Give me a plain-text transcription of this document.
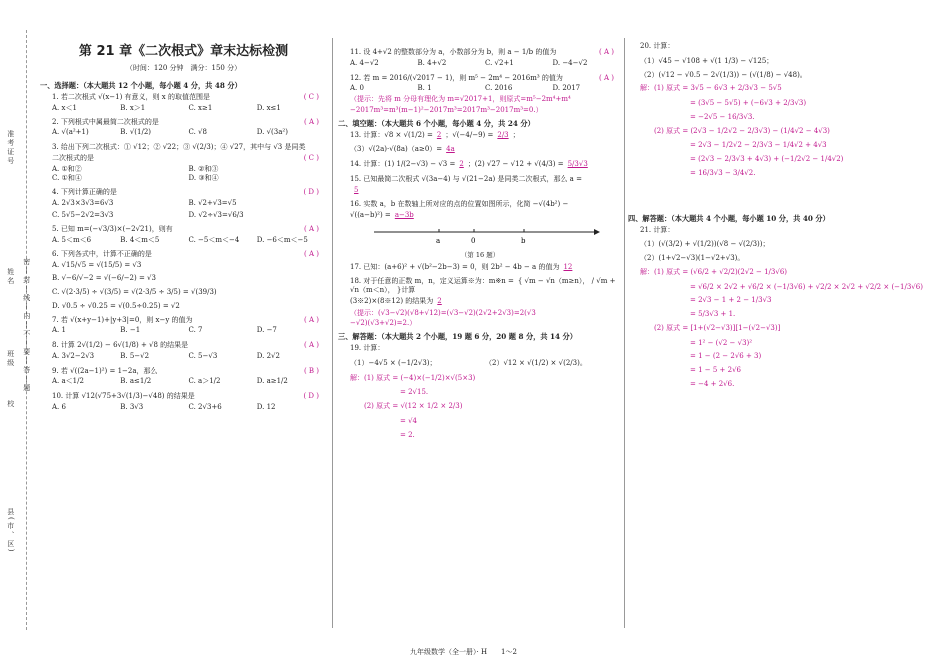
准考证号
姓名
班级
校
县(市、区)
密—封—线—内—不—要—答—题
第 21 章《二次根式》章末达标检测
（时间：120 分钟　满分：150 分）
一、选择题：（本大题共 12 个小题，每小题 4 分，共 48 分）
1. 若二次根式 √(x−1) 有意义，则 x 的取值范围是	( C )
A. x＜1	B. x＞1	C. x≥1	D. x≤1
2. 下列根式中属最简二次根式的是	( A )
A. √(a²+1)	B. √(1/2)	C. √8	D. √(3a²)
3. 给出下列二次根式：① √12；② √22；③ √(2/3)；④ √27，其中与 √3 是同类
二次根式的是	( C )
A. ①和②	B. ②和③
C. ①和④	D. ③和④
4. 下列计算正确的是	( D )
A. 2√3×3√3=6√3	B. √2+√3=√5
C. 5√5−2√2=3√3	D. √2÷√3=√6/3
5. 已知 m=(−√3/3)×(−2√21)，则有	( A )
A. 5＜m＜6	B. 4＜m＜5	C. −5＜m＜−4	D. −6＜m＜−5
6. 下列各式中，计算不正确的是	( A )
A. √15/√5 = √(15/5) = √3
B. √−6/√−2 = √(−6/−2) = √3
C. √(2·3/5) ÷ √(3/5) = √(2·3/5 ÷ 3/5) = √(39/3)
D. √0.5 ÷ √0.25 = √(0.5÷0.25) = √2
7. 若 √(x+y−1)+|y+3|=0，则 x−y 的值为	( A )
A. 1	B. −1	C. 7	D. −7
8. 计算 2√(1/2) − 6√(1/8) + √8 的结果是	( A )
A. 3√2−2√3	B. 5−√2	C. 5−√3	D. 2√2
9. 若 √((2a−1)²) = 1−2a，那么	( B )
A. a＜1/2	B. a≤1/2	C. a＞1/2	D. a≥1/2
10. 计算 √12(√75+3√(1/3)−√48) 的结果是	( D )
A. 6	B. 3√3	C. 2√3+6	D. 12
11. 设 4+√2 的整数部分为 a，小数部分为 b，则 a − 1/b 的值为	( A )
A. 4−√2	B. 4+√2	C. √2+1	D. −4−√2
12. 若 m = 2016/(√2017 − 1)，则 m⁵ − 2m⁴ − 2016m³ 的值为	( A )
A. 0	B. 1	C. 2016	D. 2017
（提示：先将 m 分母有理化为 m=√2017+1，则原式=m⁵−2m⁴+m⁴
−2017m³=m³(m−1)²−2017m³=2017m³−2017m³=0.）
二、填空题：（本大题共 6 个小题，每小题 4 分，共 24 分）
13. 计算：√8 × √(1/2) = 2 ；√(−4/−9) = 2/3 ；
（3）√(2a)·√(8a)（a≥0）= 4a
14. 计算：(1) 1/(2−√3) − √3 = 2 ；(2) √27 − √12 + √(4/3) = 5/3√3
15. 已知最简二次根式 √(3a−4) 与 √(21−2a) 是同类二次根式，那么 a =
5
16. 实数 a，b 在数轴上所对应的点的位置如图所示，化简 −√(4b²) −
√((a−b)²) = a−3b
a	0	b
（第 16 题）
17. 已知：(a+6)² + √(b²−2b−3) = 0，则 2b² − 4b − a 的值为 12
18. 对于任意的正数 m，n，定义运算※为：m※n = { √m − √n（m≥n）， / √m + √n（m＜n）， }计算
(3※2)×(8※12) 的结果为 2
（提示：(√3−√2)(√8+√12)=(√3−√2)(2√2+2√3)=2(√3
−√2)(√3+√2)=2.）
三、解答题：（本大题共 2 个小题，19 题 6 分，20 题 8 分，共 14 分）
19. 计算：
（1）−4√5 × (−1/2√3)；	（2）√12 × √(1/2) × √(2/3)。
解：(1) 原式 = (−4)×(−1/2)×√(5×3)
= 2√15.
(2) 原式 = √(12 × 1/2 × 2/3)
= √4
= 2.
20. 计算：
（1）√45 − √108 + √(1 1/3) − √125；
（2）(√12 − √0.5 − 2√(1/3)) − (√(1/8) − √48)。
解：(1) 原式 = 3√5 − 6√3 + 2/3√3 − 5√5
= (3√5 − 5√5) + (−6√3 + 2/3√3)
= −2√5 − 16/3√3.
(2) 原式 = (2√3 − 1/2√2 − 2/3√3) − (1/4√2 − 4√3)
= 2√3 − 1/2√2 − 2/3√3 − 1/4√2 + 4√3
= (2√3 − 2/3√3 + 4√3) + (−1/2√2 − 1/4√2)
= 16/3√3 − 3/4√2.
四、解答题：（本大题共 4 个小题，每小题 10 分，共 40 分）
21. 计算：
（1）(√(3/2) + √(1/2))(√8 − √(2/3))；
（2）(1+√2−√3)(1−√2+√3)。
解：(1) 原式 = (√6/2 + √2/2)(2√2 − 1/3√6)
= √6/2 × 2√2 + √6/2 × (−1/3√6) + √2/2 × 2√2 + √2/2 × (−1/3√6)
= 2√3 − 1 + 2 − 1/3√3
= 5/3√3 + 1.
(2) 原式 = [1+(√2−√3)][1−(√2−√3)]
= 1² − (√2 − √3)²
= 1 − (2 − 2√6 + 3)
= 1 − 5 + 2√6
= −4 + 2√6.
九年级数学（全一册）· H　　1～2
